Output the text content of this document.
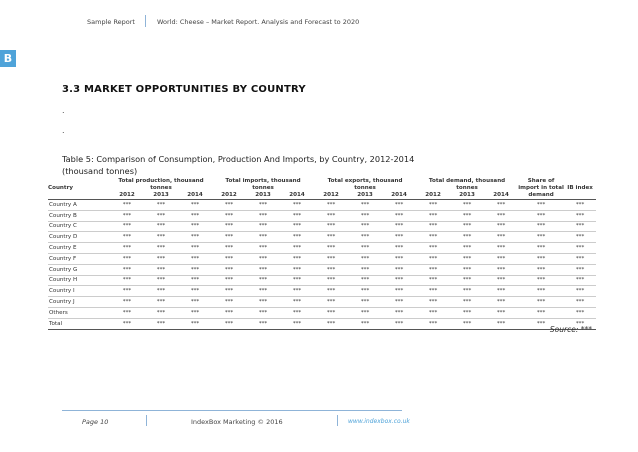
Sample Report	World: Cheese – Market Report. Analysis and Forecast to 2020
B
3.3 MARKET OPPORTUNITIES BY COUNTRY
.
.
Table 5: Comparison of Consumption, Production And Imports, by Country, 2012-2014
(thousand tonnes)
Country	Total production, thousand tonnes			Total imports, thousand tonnes			Total exports, thousand tonnes			Total demand, thousand tonnes			Share of import in total demand	IB index
	2012	2013	2014	2012	2013	2014	2012	2013	2014	2012	2013	2014		
Country A	***	***	***	***	***	***	***	***	***	***	***	***	***	***
Country B	***	***	***	***	***	***	***	***	***	***	***	***	***	***
Country C	***	***	***	***	***	***	***	***	***	***	***	***	***	***
Country D	***	***	***	***	***	***	***	***	***	***	***	***	***	***
Country E	***	***	***	***	***	***	***	***	***	***	***	***	***	***
Country F	***	***	***	***	***	***	***	***	***	***	***	***	***	***
Country G	***	***	***	***	***	***	***	***	***	***	***	***	***	***
Country H	***	***	***	***	***	***	***	***	***	***	***	***	***	***
Country I	***	***	***	***	***	***	***	***	***	***	***	***	***	***
Country J	***	***	***	***	***	***	***	***	***	***	***	***	***	***
Others	***	***	***	***	***	***	***	***	***	***	***	***	***	***
Total	***	***	***	***	***	***	***	***	***	***	***	***	***	***
Source: ***
Page 10	IndexBox Marketing © 2016	www.indexbox.co.uk
